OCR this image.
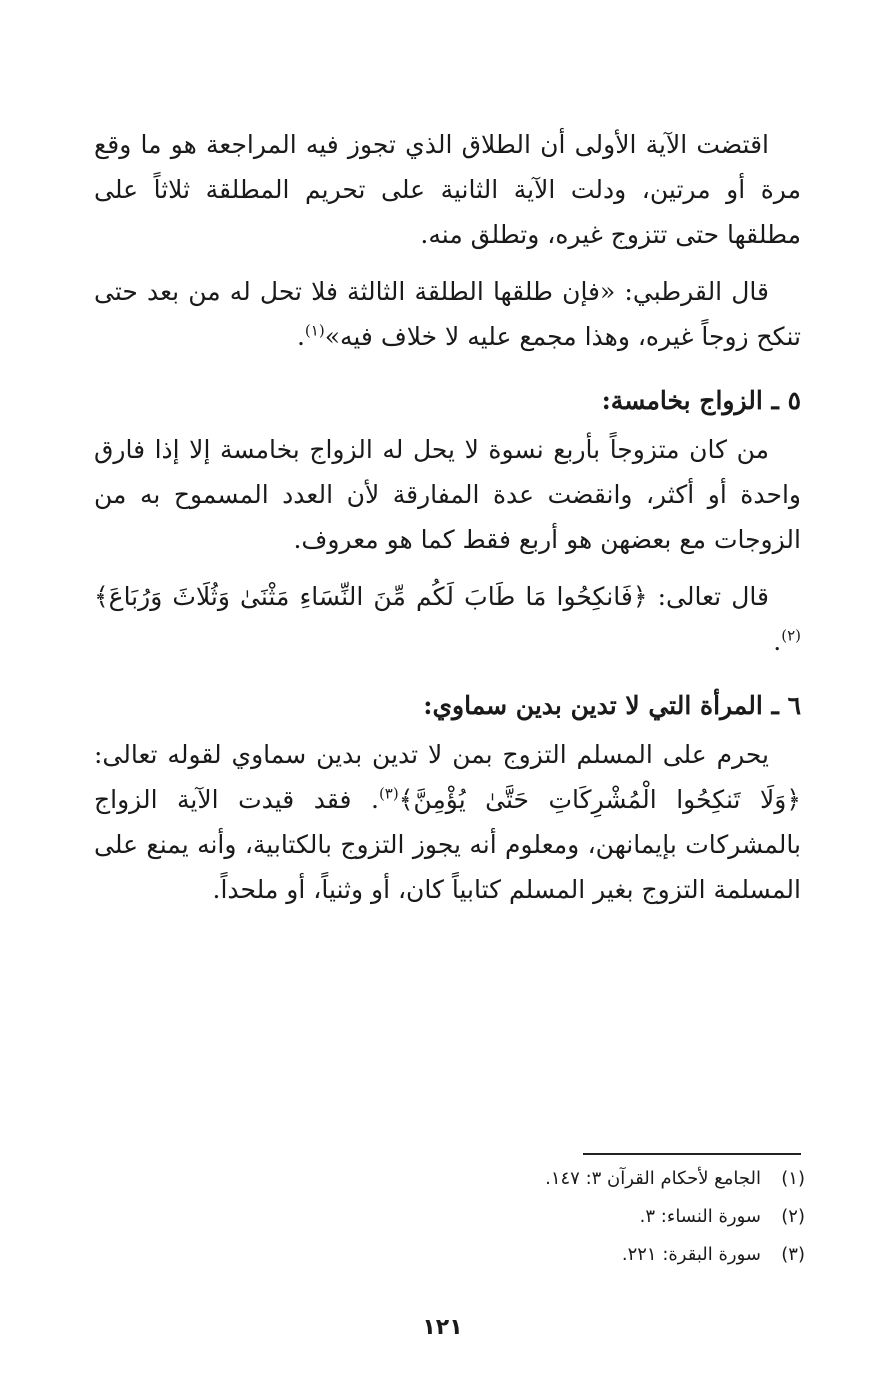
اقتضت الآية الأولى أن الطلاق الذي تجوز فيه المراجعة هو ما وقع مرة أو مرتين، ودلت الآية الثانية على تحريم المطلقة ثلاثاً على مطلقها حتى تتزوج غيره، وتطلق منه.

قال القرطبي: «فإن طلقها الطلقة الثالثة فلا تحل له من بعد حتى تنكح زوجاً غيره، وهذا مجمع عليه لا خلاف فيه»$^{(١)}$.

٥ ـ الزواج بخامسة:

من كان متزوجاً بأربع نسوة لا يحل له الزواج بخامسة إلا إذا فارق واحدة أو أكثر، وانقضت عدة المفارقة لأن العدد المسموح به من الزوجات مع بعضهن هو أربع فقط كما هو معروف.

قال تعالى: ﴿فَانكِحُوا مَا طَابَ لَكُم مِّنَ النِّسَاءِ مَثْنَىٰ وَثُلَاثَ وَرُبَاعَ﴾$^{(٢)}$.

٦ ـ المرأة التي لا تدين بدين سماوي:

يحرم على المسلم التزوج بمن لا تدين بدين سماوي لقوله تعالى: ﴿وَلَا تَنكِحُوا الْمُشْرِكَاتِ حَتَّىٰ يُؤْمِنَّ﴾$^{(٣)}$. فقد قيدت الآية الزواج بالمشركات بإيمانهن، ومعلوم أنه يجوز التزوج بالكتابية، وأنه يمنع على المسلمة التزوج بغير المسلم كتابياً كان، أو وثنياً، أو ملحداً.

(١)
الجامع لأحكام القرآن ٣: ١٤٧.
(٢)
سورة النساء: ٣.
(٣)
سورة البقرة: ٢٢١.
١٢١
